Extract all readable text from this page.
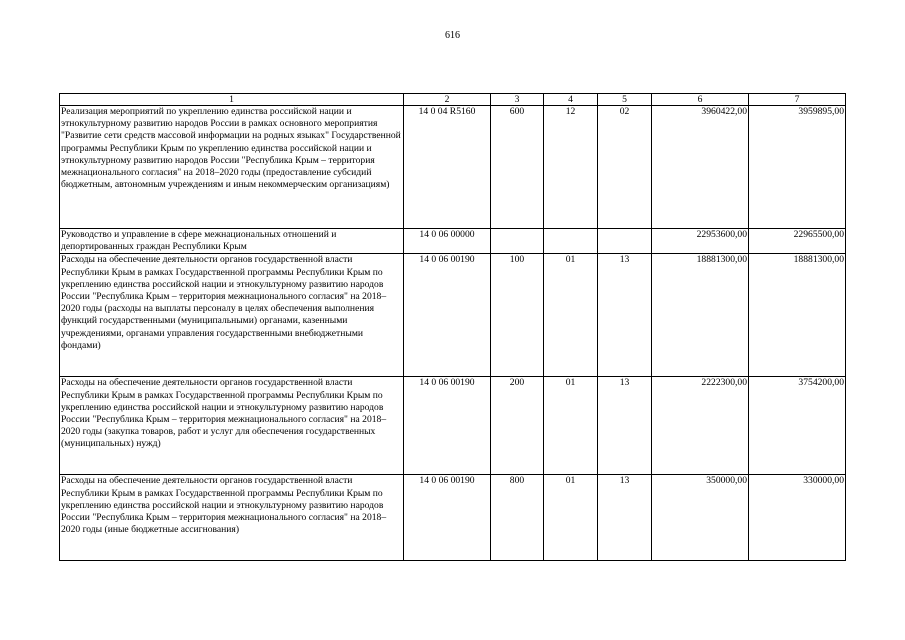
616
1	2	3	4	5	6	7
Реализация мероприятий по укреплению единства российской нации и этнокультурному развитию народов России в рамках основного мероприятия "Развитие сети средств массовой информации на родных языках" Государственной программы Республики Крым по укреплению единства российской нации и этнокультурному развитию народов России "Республика Крым – территория межнационального согласия" на 2018–2020 годы (предоставление субсидий бюджетным, автономным учреждениям и иным некоммерческим организациям)	14 0 04 R5160	600	12	02	3960422,00	3959895,00
Руководство и управление в сфере межнациональных отношений и депортированных граждан Республики Крым	14 0 06 00000				22953600,00	22965500,00
Расходы на обеспечение деятельности органов государственной власти Республики Крым в рамках Государственной программы Республики Крым по укреплению единства российской нации и этнокультурному развитию народов России "Республика Крым – территория межнационального согласия" на 2018–2020 годы (расходы на выплаты персоналу в целях обеспечения выполнения функций государственными (муниципальными) органами, казенными учреждениями, органами управления государственными внебюджетными фондами)	14 0 06 00190	100	01	13	18881300,00	18881300,00
Расходы на обеспечение деятельности органов государственной власти Республики Крым в рамках Государственной программы Республики Крым по укреплению единства российской нации и этнокультурному развитию народов России "Республика Крым – территория межнационального согласия" на 2018–2020 годы (закупка товаров, работ и услуг для обеспечения государственных (муниципальных) нужд)	14 0 06 00190	200	01	13	2222300,00	3754200,00
Расходы на обеспечение деятельности органов государственной власти Республики Крым в рамках Государственной программы Республики Крым по укреплению единства российской нации и этнокультурному развитию народов России "Республика Крым – территория межнационального согласия" на 2018–2020 годы (иные бюджетные ассигнования)	14 0 06 00190	800	01	13	350000,00	330000,00
